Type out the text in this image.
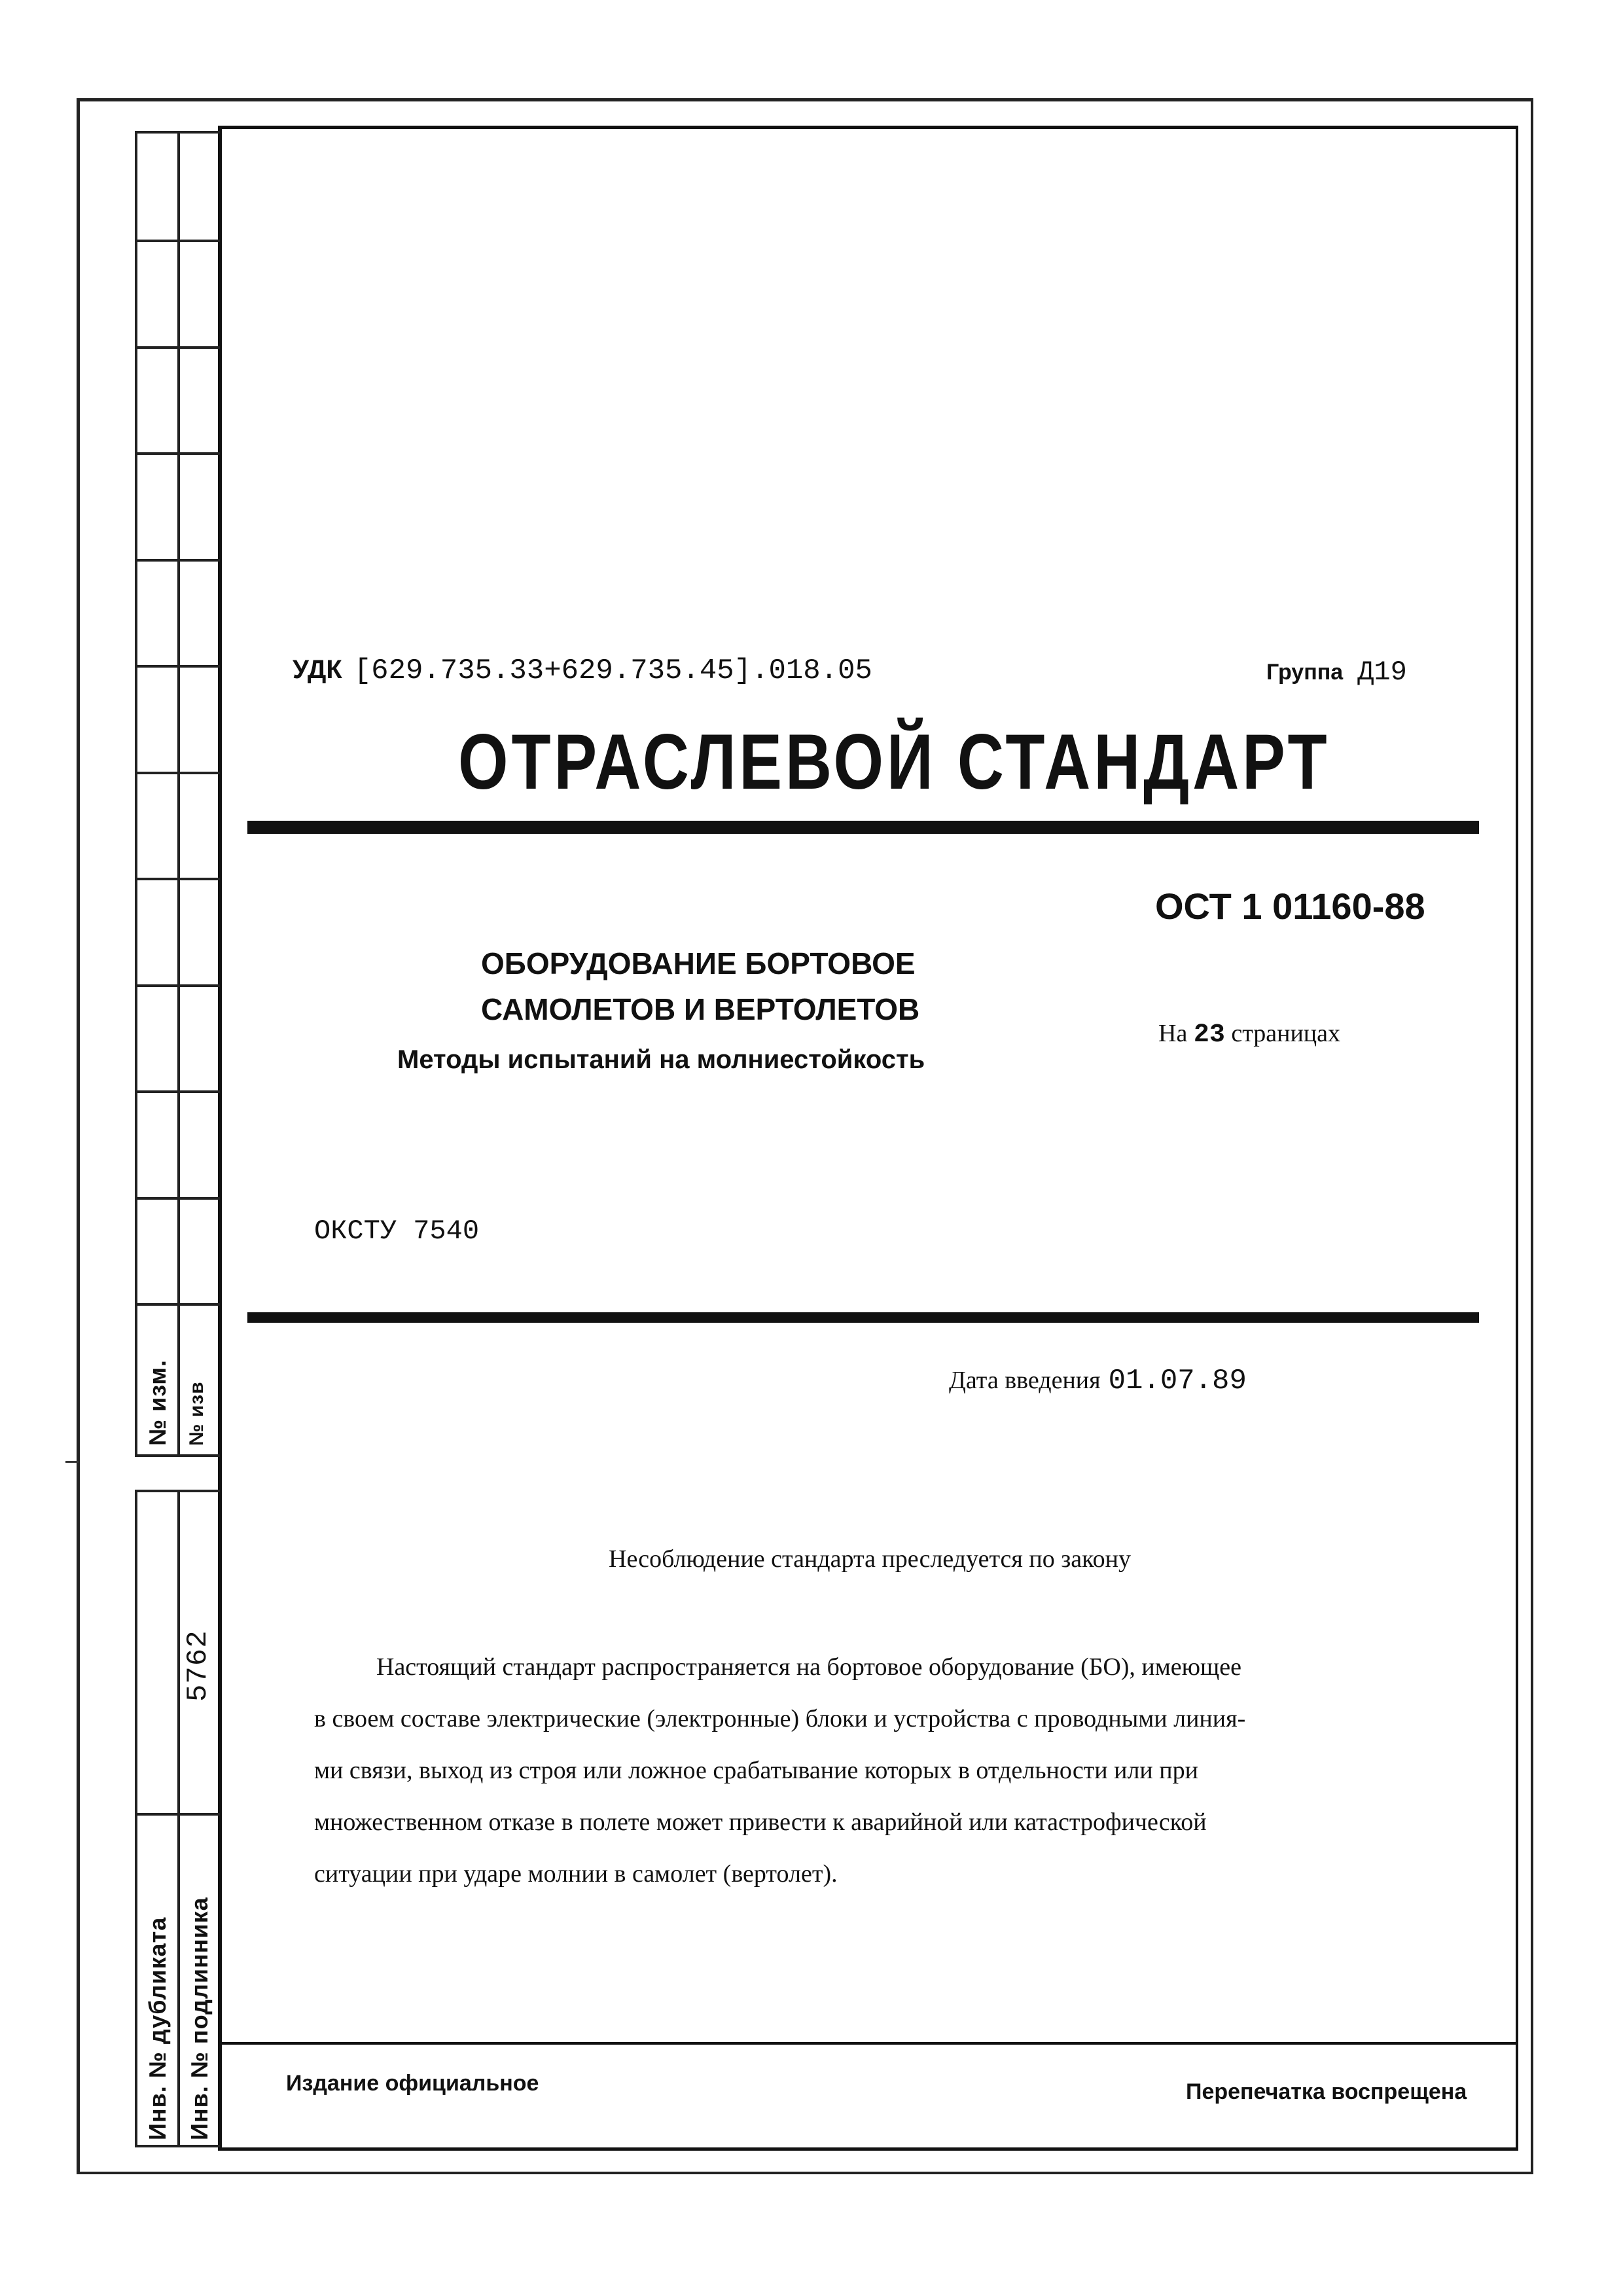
№ изм. № изв
5762
Инв. № дубликата Инв. № подлинника
УДК [629.735.33+629.735.45].018.05	Группа Д19
ОТРАСЛЕВОЙ СТАНДАРТ
ОСТ 1 01160-88
ОБОРУДОВАНИЕ БОРТОВОЕ
САМОЛЕТОВ И ВЕРТОЛЕТОВ
Методы испытаний на молниестойкость
На 23 страницах
ОКСТУ 7540
Дата введения 01.07.89
Несоблюдение стандарта преследуется по закону

Настоящий стандарт распространяется на бортовое оборудование (БО), имеющее

в своем составе электрические (электронные) блоки и устройства с проводными линия-

ми связи, выход из строя или ложное срабатывание которых в отдельности или при

множественном отказе в полете может привести к аварийной или катастрофической

ситуации при ударе молнии в самолет (вертолет).

Издание официальное	Перепечатка воспрещена
